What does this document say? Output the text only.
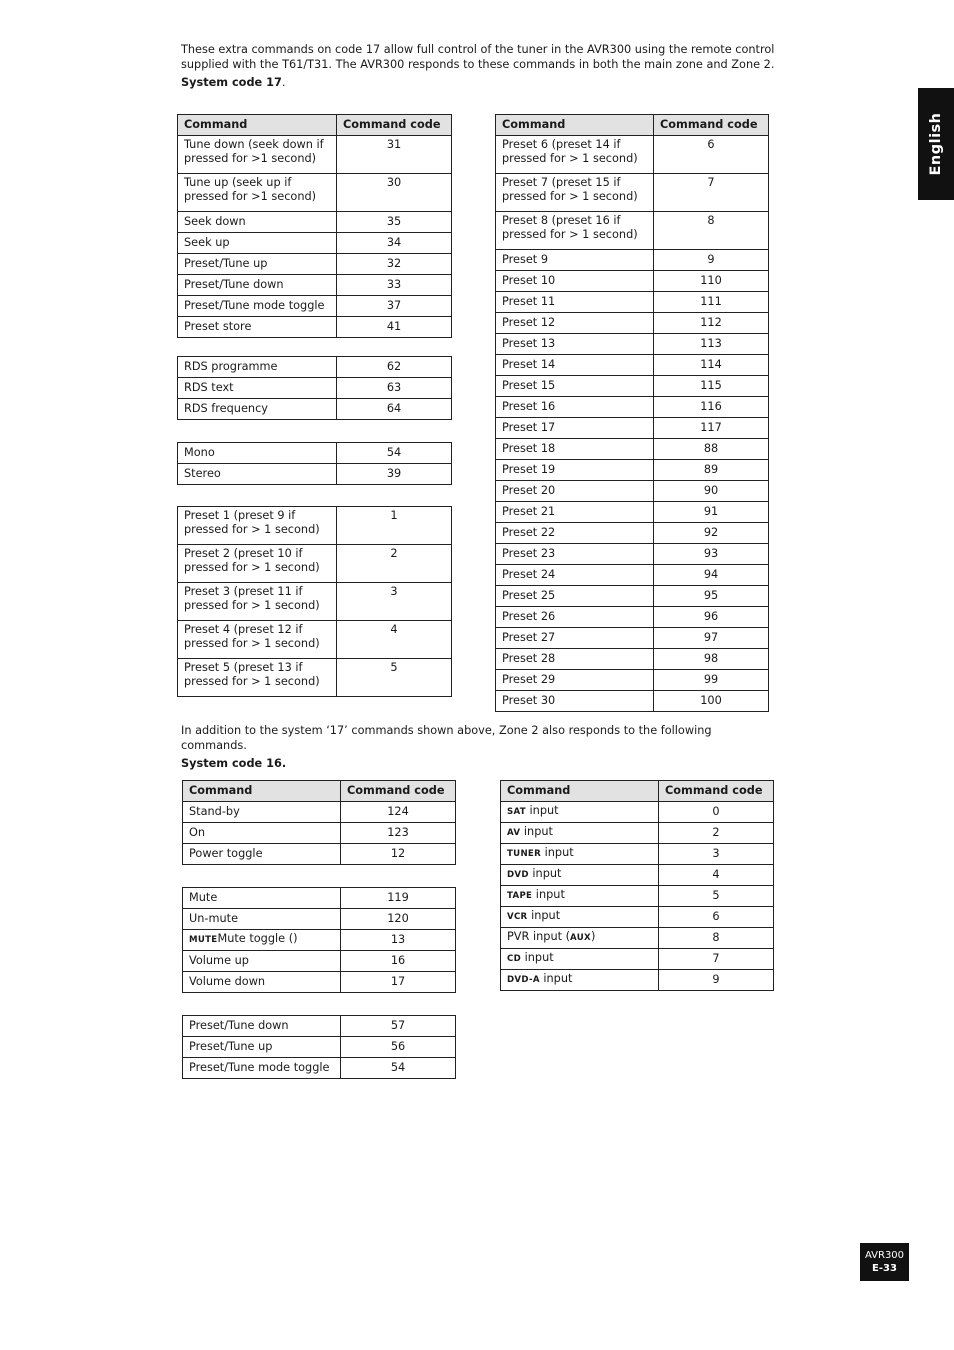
These extra commands on code 17 allow full control of the tuner in the AVR300 using the remote control supplied with the T61/T31. The AVR300 responds to these commands in both the main zone and Zone 2.

System code 17.

Command	Command code
Tune down (seek down if pressed for >1 second)	31
Tune up (seek up if pressed for >1 second)	30
Seek down	35
Seek up	34
Preset/Tune up	32
Preset/Tune down	33
Preset/Tune mode toggle	37
Preset store	41
RDS programme	62
RDS text	63
RDS frequency	64
Mono	54
Stereo	39
Preset 1 (preset 9 if pressed for > 1 second)	1
Preset 2 (preset 10 if pressed for > 1 second)	2
Preset 3 (preset 11 if pressed for > 1 second)	3
Preset 4 (preset 12 if pressed for > 1 second)	4
Preset 5 (preset 13 if pressed for > 1 second)	5
Command	Command code
Preset 6 (preset 14 if pressed for > 1 second)	6
Preset 7 (preset 15 if pressed for > 1 second)	7
Preset 8 (preset 16 if pressed for > 1 second)	8
Preset 9	9
Preset 10	110
Preset 11	111
Preset 12	112
Preset 13	113
Preset 14	114
Preset 15	115
Preset 16	116
Preset 17	117
Preset 18	88
Preset 19	89
Preset 20	90
Preset 21	91
Preset 22	92
Preset 23	93
Preset 24	94
Preset 25	95
Preset 26	96
Preset 27	97
Preset 28	98
Preset 29	99
Preset 30	100

In addition to the system ‘17’ commands shown above, Zone 2 also responds to the following commands.

System code 16.

Command	Command code
Stand-by	124
On	123
Power toggle	12
Mute	119
Un-mute	120
MUTEMute toggle ()	13
Volume up	16
Volume down	17
Preset/Tune down	57
Preset/Tune up	56
Preset/Tune mode toggle	54
Command	Command code
SAT input	0
AV input	2
TUNER input	3
DVD input	4
TAPE input	5
VCR input	6
PVR input (AUX)	8
CD input	7
DVD-A input	9
English
AVR300
E-33
